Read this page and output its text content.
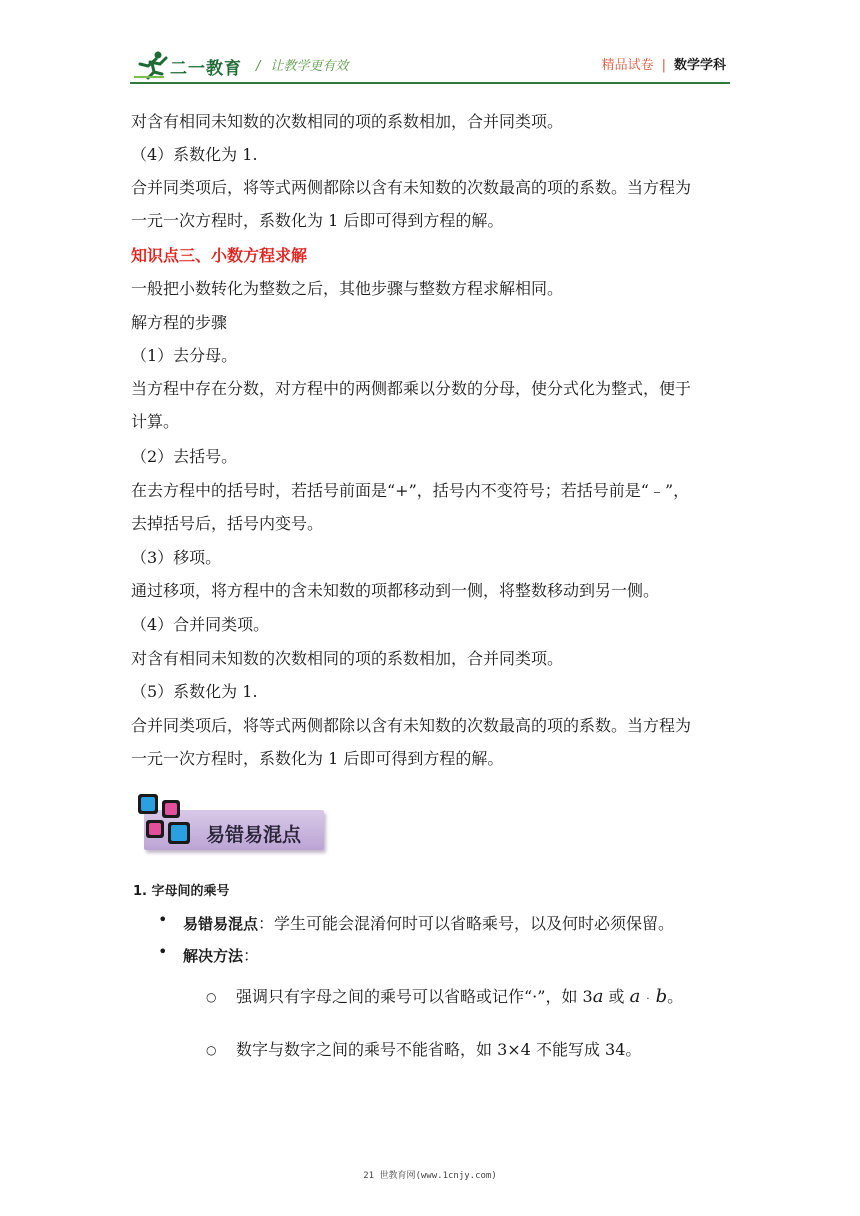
二一教育 / 让教学更有效	精品试卷 | 数学学科
对含有相同未知数的次数相同的项的系数相加，合并同类项。
（4）系数化为 1.
合并同类项后，将等式两侧都除以含有未知数的次数最高的项的系数。当方程为
一元一次方程时，系数化为 1 后即可得到方程的解。
知识点三、小数方程求解
一般把小数转化为整数之后，其他步骤与整数方程求解相同。
解方程的步骤
（1）去分母。
当方程中存在分数，对方程中的两侧都乘以分数的分母，使分式化为整式，便于
计算。
（2）去括号。
在去方程中的括号时，若括号前面是“+”，括号内不变符号；若括号前是“﹣”，
去掉括号后，括号内变号。
（3）移项。
通过移项，将方程中的含未知数的项都移动到一侧，将整数移动到另一侧。
（4）合并同类项。
对含有相同未知数的次数相同的项的系数相加，合并同类项。
（5）系数化为 1.
合并同类项后，将等式两侧都除以含有未知数的次数最高的项的系数。当方程为
一元一次方程时，系数化为 1 后即可得到方程的解。
易错易混点
1. 字母间的乘号
• 易错易混点：学生可能会混淆何时可以省略乘号，以及何时必须保留。
• 解决方法：
○ 强调只有字母之间的乘号可以省略或记作“·”，如 3a 或 a · b。
○ 数字与数字之间的乘号不能省略，如 3×4 不能写成 34。
21 世教育网(www.1cnjy.com)
